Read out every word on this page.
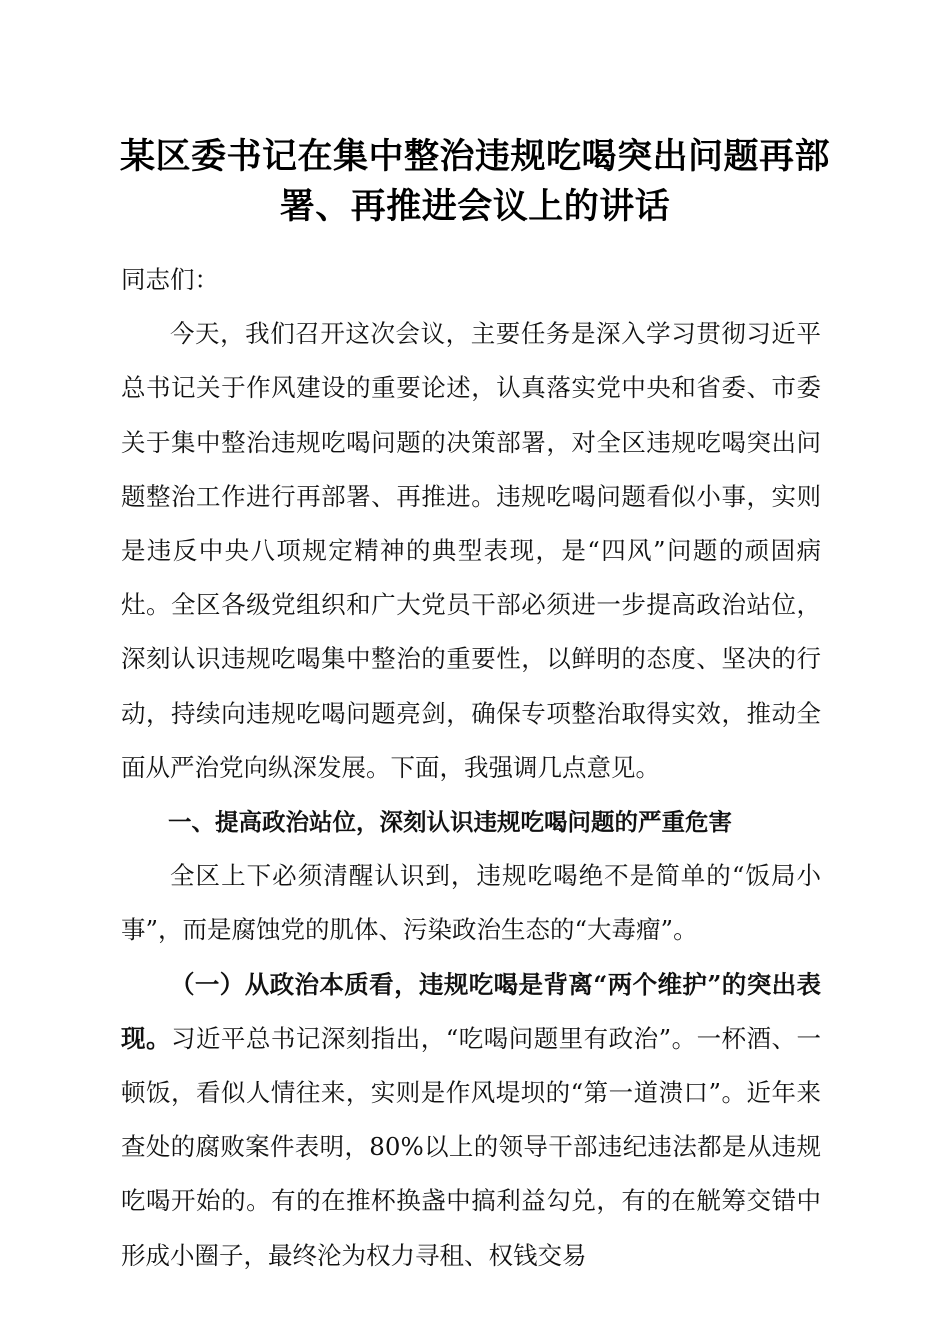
某区委书记在集中整治违规吃喝突出问题再部
署、再推进会议上的讲话

同志们：

今天，我们召开这次会议，主要任务是深入学习贯彻习近平总书记关于作风建设的重要论述，认真落实党中央和省委、市委关于集中整治违规吃喝问题的决策部署，对全区违规吃喝突出问题整治工作进行再部署、再推进。违规吃喝问题看似小事，实则是违反中央八项规定精神的典型表现，是“四风”问题的顽固病灶。全区各级党组织和广大党员干部必须进一步提高政治站位，深刻认识违规吃喝集中整治的重要性，以鲜明的态度、坚决的行动，持续向违规吃喝问题亮剑，确保专项整治取得实效，推动全面从严治党向纵深发展。下面，我强调几点意见。

一、提高政治站位，深刻认识违规吃喝问题的严重危害

全区上下必须清醒认识到，违规吃喝绝不是简单的“饭局小事”，而是腐蚀党的肌体、污染政治生态的“大毒瘤”。

（一）从政治本质看，违规吃喝是背离“两个维护”的突出表现。习近平总书记深刻指出，“吃喝问题里有政治”。一杯酒、一顿饭，看似人情往来，实则是作风堤坝的“第一道溃口”。近年来查处的腐败案件表明，80%以上的领导干部违纪违法都是从违规吃喝开始的。有的在推杯换盏中搞利益勾兑，有的在觥筹交错中形成小圈子，最终沦为权力寻租、权钱交易
